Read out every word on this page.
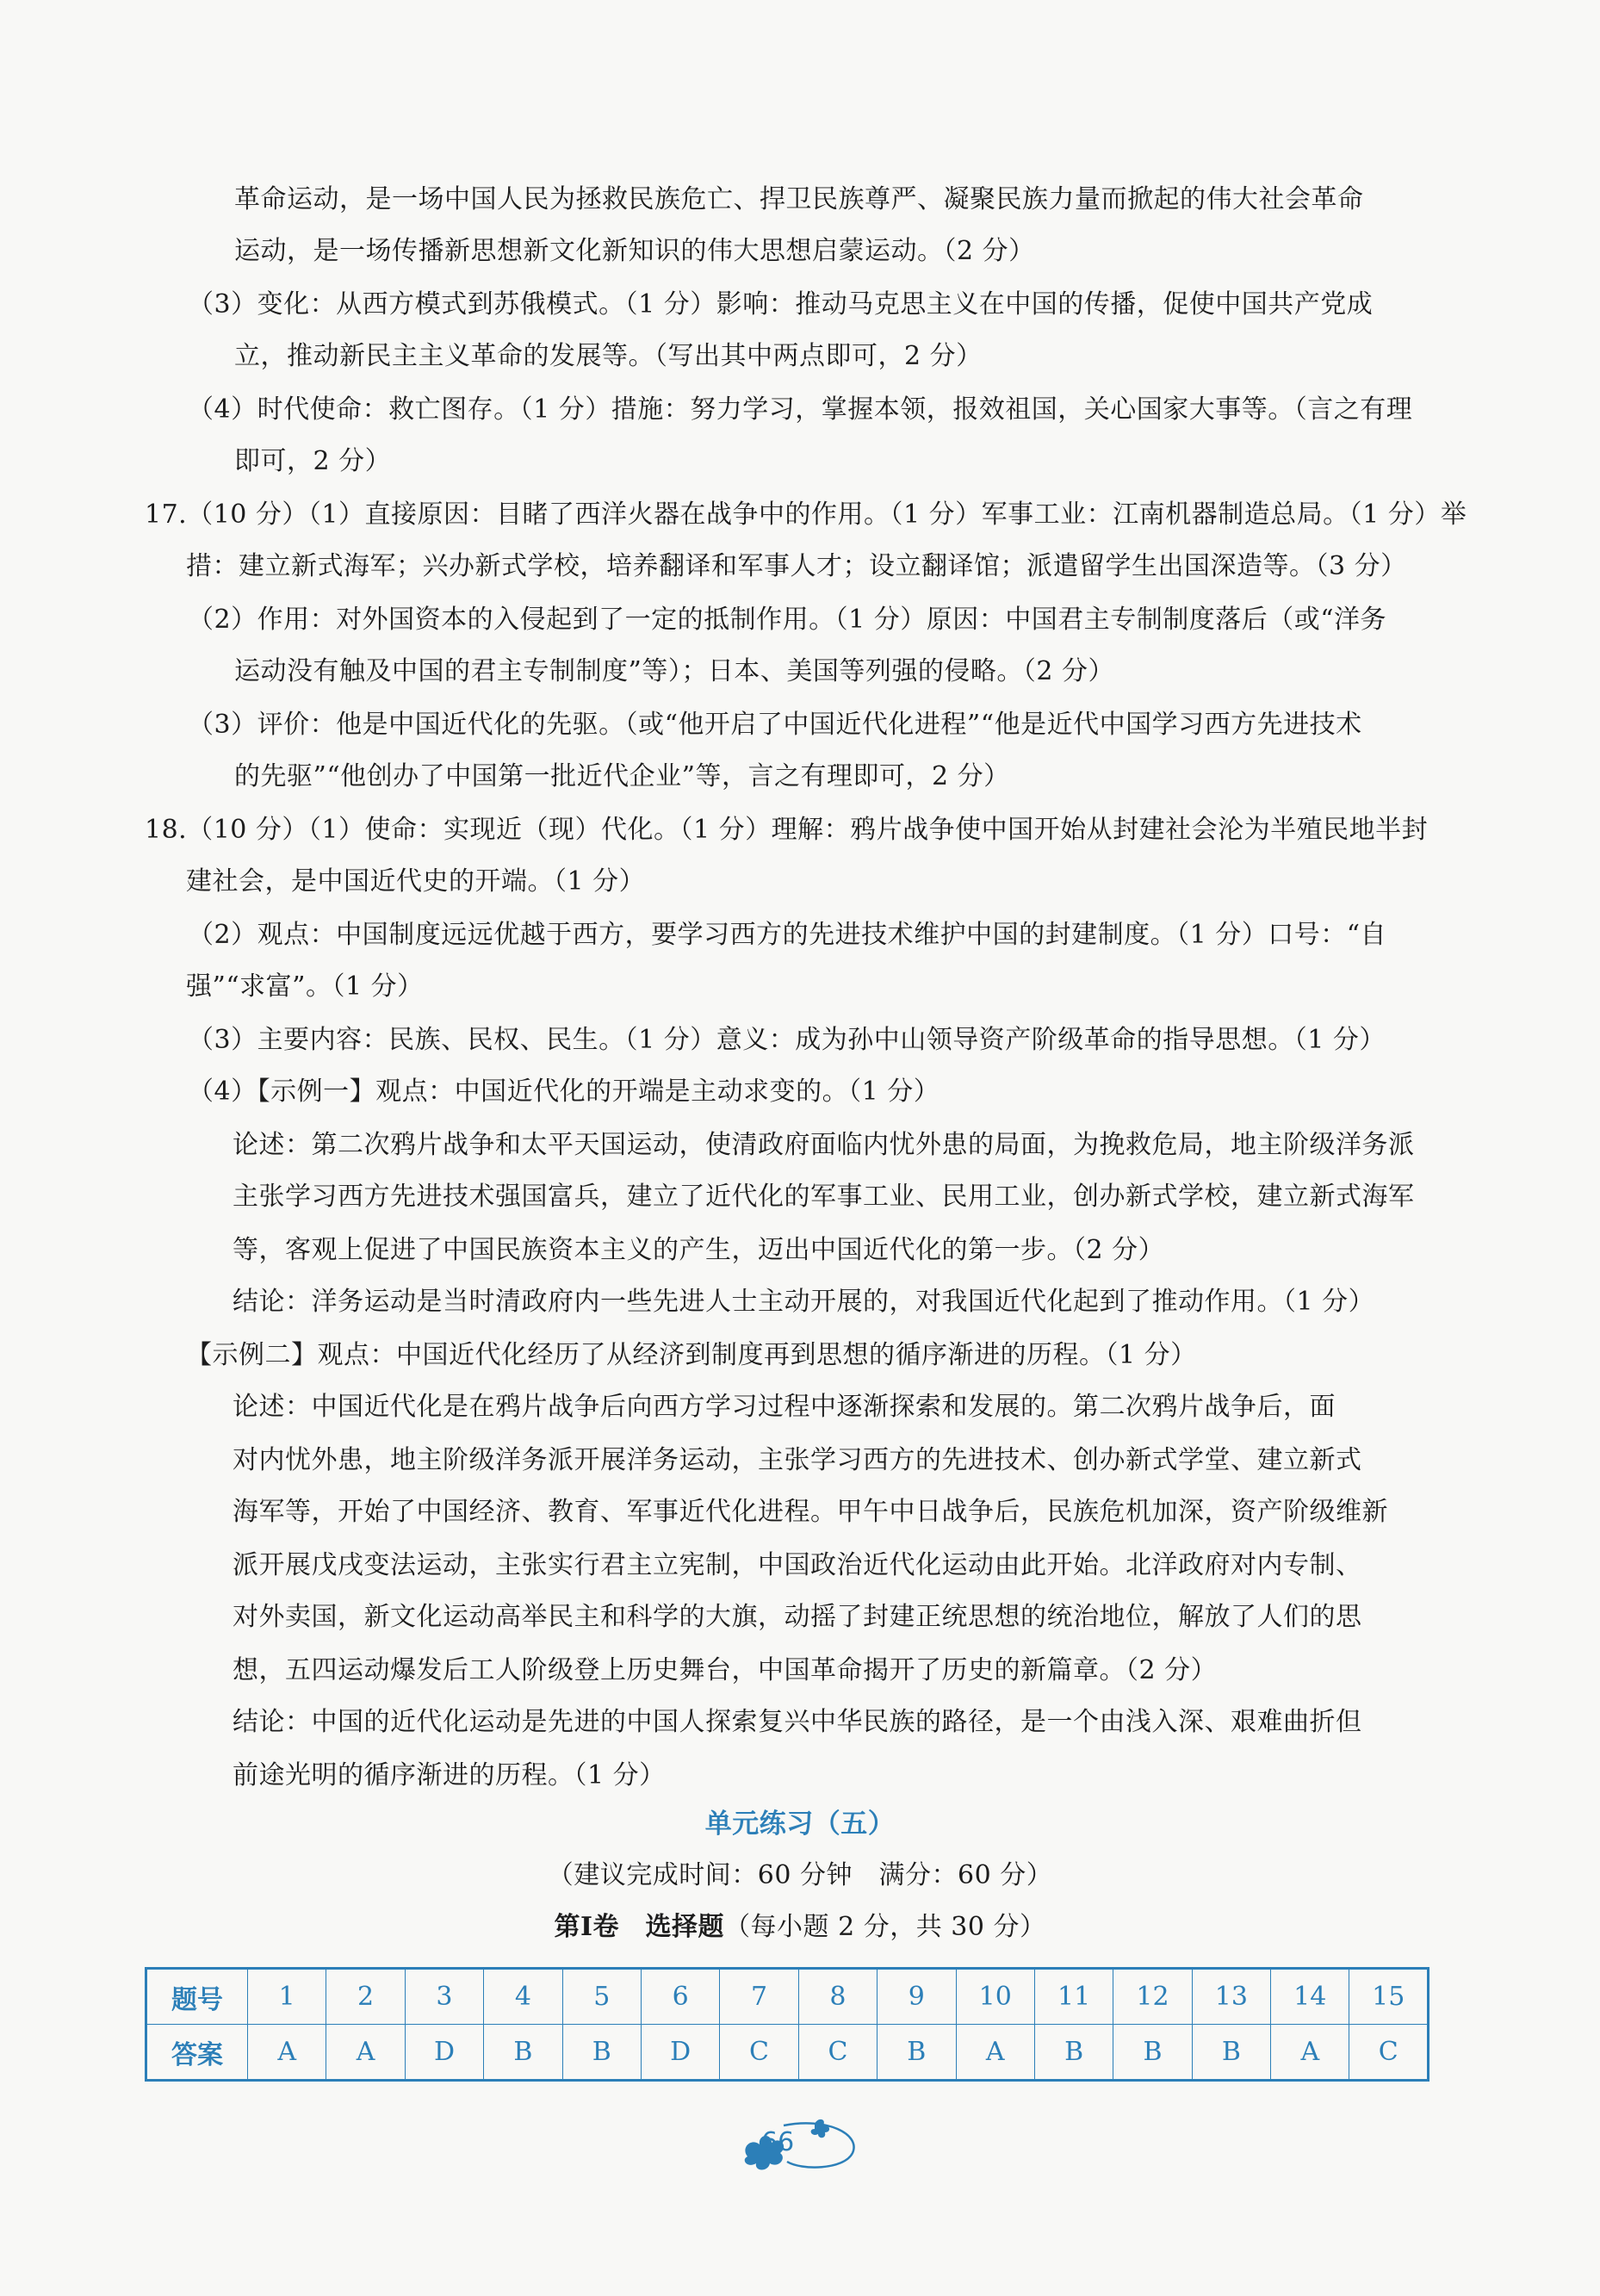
革命运动，是一场中国人民为拯救民族危亡、捍卫民族尊严、凝聚民族力量而掀起的伟大社会革命
运动，是一场传播新思想新文化新知识的伟大思想启蒙运动。（2 分）
（3）变化：从西方模式到苏俄模式。（1 分）影响：推动马克思主义在中国的传播，促使中国共产党成
立，推动新民主主义革命的发展等。（写出其中两点即可，2 分）
（4）时代使命：救亡图存。（1 分）措施：努力学习，掌握本领，报效祖国，关心国家大事等。（言之有理
即可，2 分）
17.（10 分）（1）直接原因：目睹了西洋火器在战争中的作用。（1 分）军事工业：江南机器制造总局。（1 分）举
措：建立新式海军；兴办新式学校，培养翻译和军事人才；设立翻译馆；派遣留学生出国深造等。（3 分）
（2）作用：对外国资本的入侵起到了一定的抵制作用。（1 分）原因：中国君主专制制度落后（或“洋务
运动没有触及中国的君主专制制度”等）；日本、美国等列强的侵略。（2 分）
（3）评价：他是中国近代化的先驱。（或“他开启了中国近代化进程”“他是近代中国学习西方先进技术
的先驱”“他创办了中国第一批近代企业”等，言之有理即可，2 分）
18.（10 分）（1）使命：实现近（现）代化。（1 分）理解：鸦片战争使中国开始从封建社会沦为半殖民地半封
建社会，是中国近代史的开端。（1 分）
（2）观点：中国制度远远优越于西方，要学习西方的先进技术维护中国的封建制度。（1 分）口号：“自
强”“求富”。（1 分）
（3）主要内容：民族、民权、民生。（1 分）意义：成为孙中山领导资产阶级革命的指导思想。（1 分）
（4）【示例一】观点：中国近代化的开端是主动求变的。（1 分）
论述：第二次鸦片战争和太平天国运动，使清政府面临内忧外患的局面，为挽救危局，地主阶级洋务派
主张学习西方先进技术强国富兵，建立了近代化的军事工业、民用工业，创办新式学校，建立新式海军
等，客观上促进了中国民族资本主义的产生，迈出中国近代化的第一步。（2 分）
结论：洋务运动是当时清政府内一些先进人士主动开展的，对我国近代化起到了推动作用。（1 分）
【示例二】观点：中国近代化经历了从经济到制度再到思想的循序渐进的历程。（1 分）
论述：中国近代化是在鸦片战争后向西方学习过程中逐渐探索和发展的。第二次鸦片战争后，面
对内忧外患，地主阶级洋务派开展洋务运动，主张学习西方的先进技术、创办新式学堂、建立新式
海军等，开始了中国经济、教育、军事近代化进程。甲午中日战争后，民族危机加深，资产阶级维新
派开展戊戌变法运动，主张实行君主立宪制，中国政治近代化运动由此开始。北洋政府对内专制、
对外卖国，新文化运动高举民主和科学的大旗，动摇了封建正统思想的统治地位，解放了人们的思
想，五四运动爆发后工人阶级登上历史舞台，中国革命揭开了历史的新篇章。（2 分）
结论：中国的近代化运动是先进的中国人探索复兴中华民族的路径，是一个由浅入深、艰难曲折但
前途光明的循序渐进的历程。（1 分）
单元练习（五）
（建议完成时间：60 分钟　满分：60 分）
第Ⅰ卷　选择题（每小题 2 分，共 30 分）
题号	1	2	3	4	5	6	7	8	9	10	11	12	13	14	15
答案	A	A	D	B	B	D	C	C	B	A	B	B	B	A	C
66
